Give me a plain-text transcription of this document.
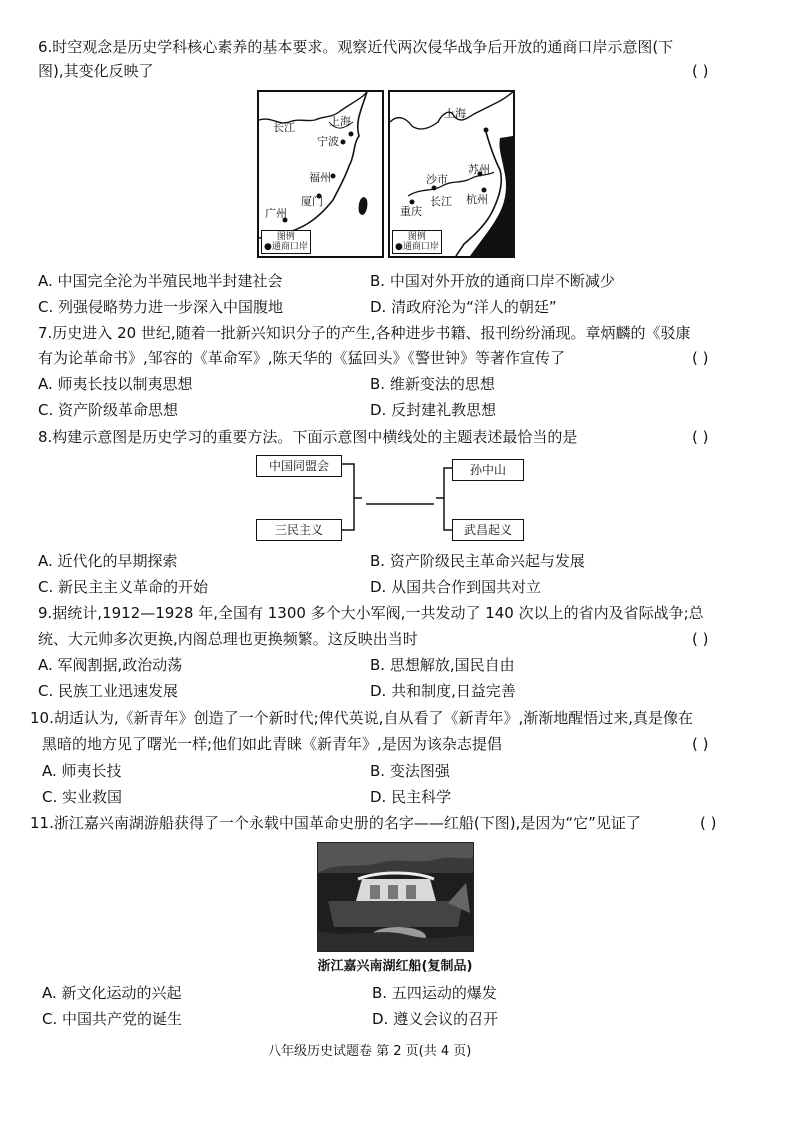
6.时空观念是历史学科核心素养的基本要求。观察近代两次侵华战争后开放的通商口岸示意图(下
图),其变化反映了	( )
长江	上海
宁波
福州
厦门
广州
图例
●通商口岸
上海
苏州
沙市
重庆
长江 杭州
图例
●通商口岸
A. 中国完全沦为半殖民地半封建社会	B. 中国对外开放的通商口岸不断减少
C. 列强侵略势力进一步深入中国腹地	D. 清政府沦为“洋人的朝廷”
7.历史进入 20 世纪,随着一批新兴知识分子的产生,各种进步书籍、报刊纷纷涌现。章炳麟的《驳康
有为论革命书》,邹容的《革命军》,陈天华的《猛回头》《警世钟》等著作宣传了	( )
A. 师夷长技以制夷思想	B. 维新变法的思想
C. 资产阶级革命思想	D. 反封建礼教思想
8.构建示意图是历史学习的重要方法。下面示意图中横线处的主题表述最恰当的是	( )
中国同盟会
三民主义
孙中山
武昌起义
A. 近代化的早期探索	B. 资产阶级民主革命兴起与发展
C. 新民主主义革命的开始	D. 从国共合作到国共对立
9.据统计,1912—1928 年,全国有 1300 多个大小军阀,一共发动了 140 次以上的省内及省际战争;总
统、大元帅多次更换,内阁总理也更换频繁。这反映出当时	( )
A. 军阀割据,政治动荡	B. 思想解放,国民自由
C. 民族工业迅速发展	D. 共和制度,日益完善
10.胡适认为,《新青年》创造了一个新时代;俾代英说,自从看了《新青年》,渐渐地醒悟过来,真是像在
黑暗的地方见了曙光一样;他们如此青睐《新青年》,是因为该杂志提倡	( )
A. 师夷长技	B. 变法图强
C. 实业救国	D. 民主科学
11.浙江嘉兴南湖游船获得了一个永载中国革命史册的名字——红船(下图),是因为“它”见证了	( )
浙江嘉兴南湖红船(复制品)
A. 新文化运动的兴起	B. 五四运动的爆发
C. 中国共产党的诞生	D. 遵义会议的召开
八年级历史试题卷 第 2 页(共 4 页)
